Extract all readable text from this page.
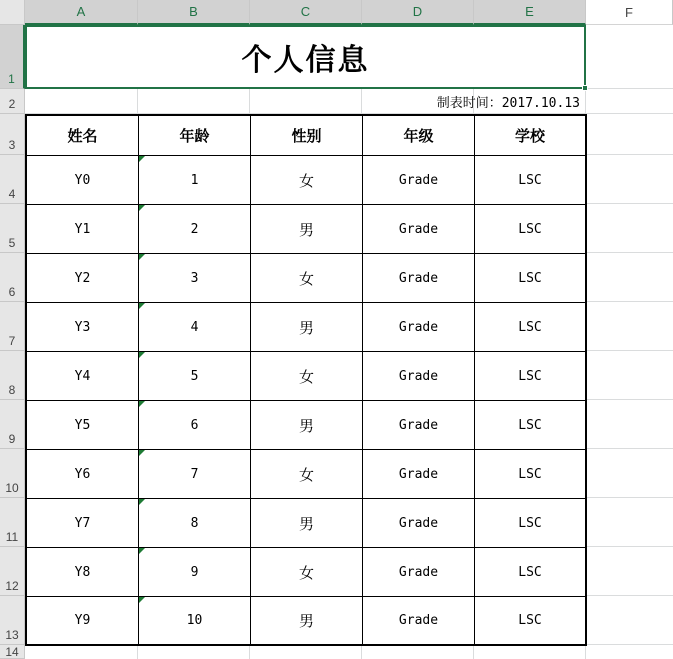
A	B	C	D	E	F
1
2
3
4
5
6
7
8
9
10
11
12
13
14
个人信息
制表时间：2017.10.13
姓名	年龄	性别	年级	学校
Y0	1	女	Grade	LSC
Y1	2	男	Grade	LSC
Y2	3	女	Grade	LSC
Y3	4	男	Grade	LSC
Y4	5	女	Grade	LSC
Y5	6	男	Grade	LSC
Y6	7	女	Grade	LSC
Y7	8	男	Grade	LSC
Y8	9	女	Grade	LSC
Y9	10	男	Grade	LSC
